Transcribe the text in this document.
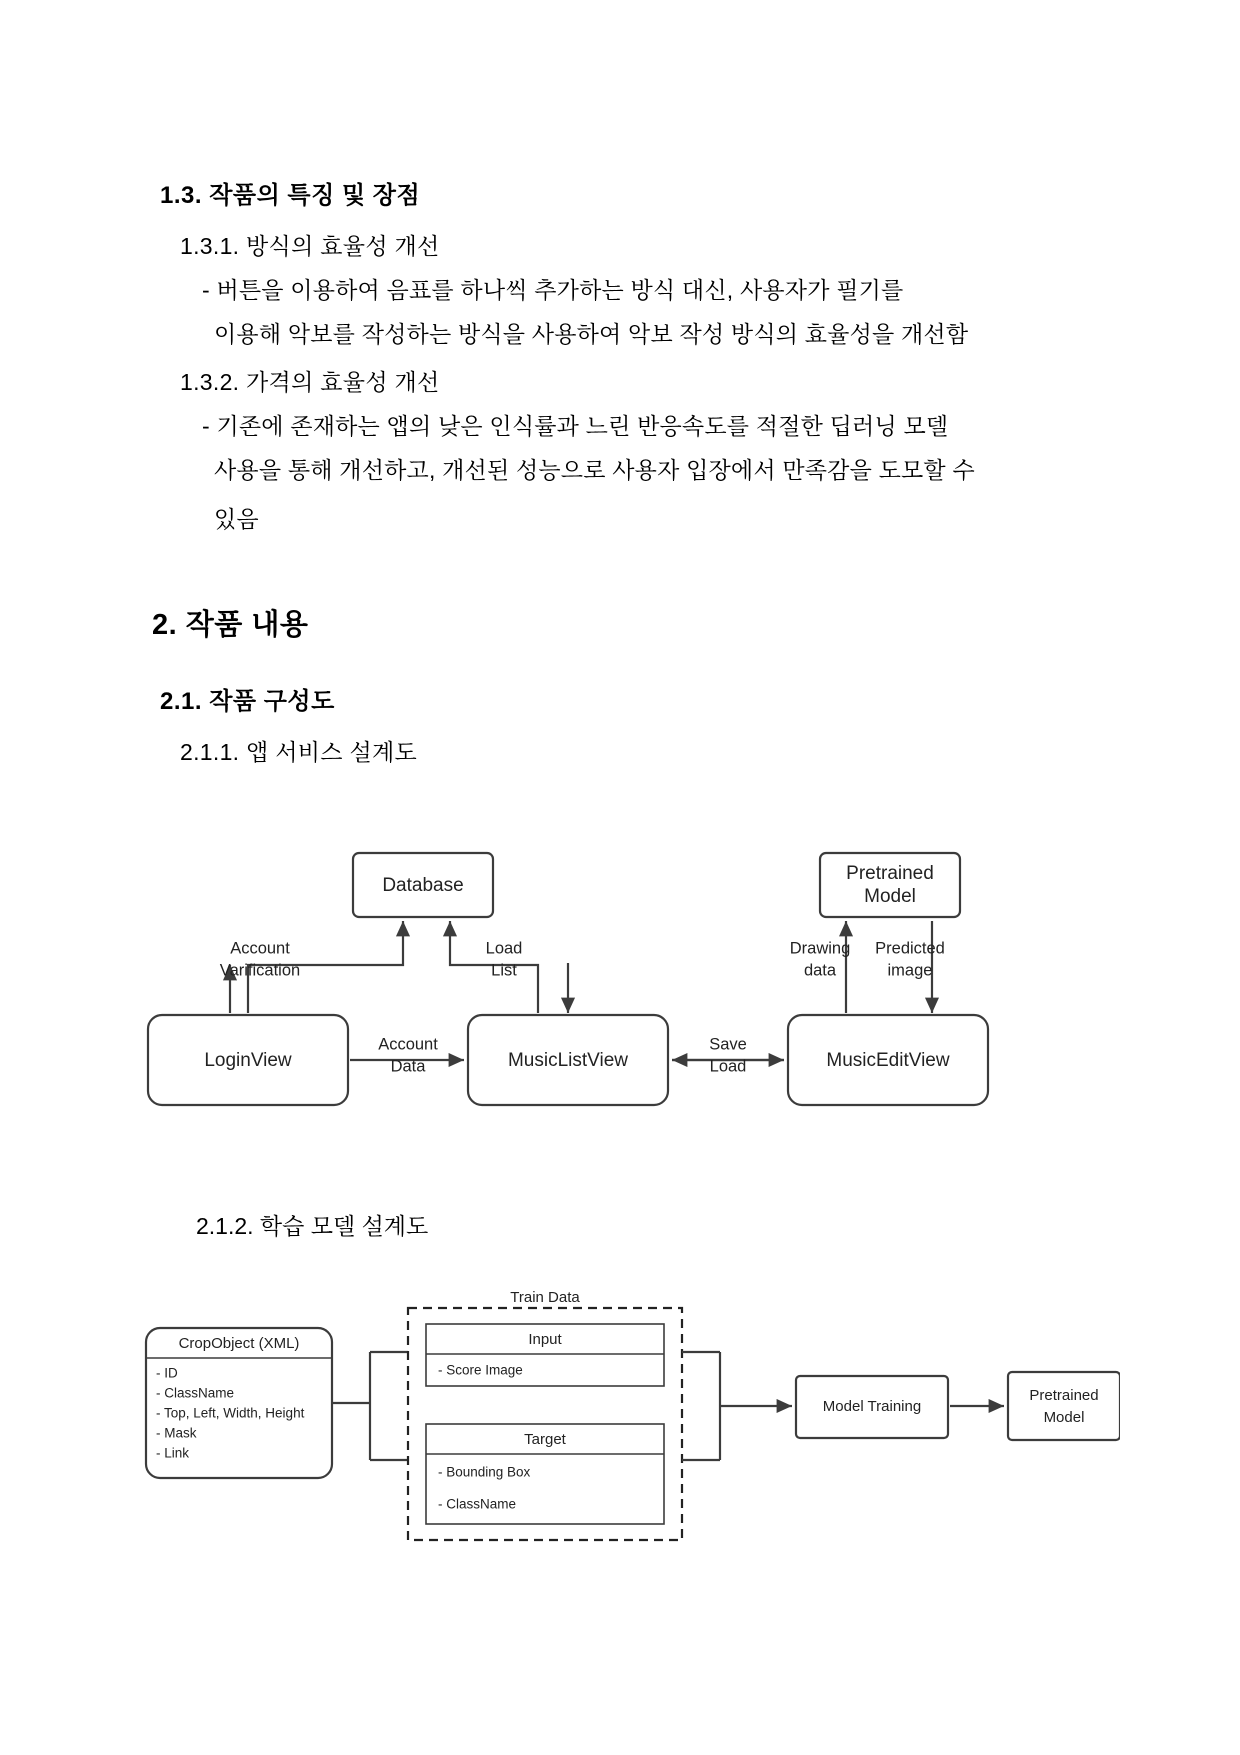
1.3. 작품의 특징 및 장점
1.3.1. 방식의 효율성 개선
- 버튼을 이용하여 음표를 하나씩 추가하는 방식 대신, 사용자가 필기를
이용해 악보를 작성하는 방식을 사용하여 악보 작성 방식의 효율성을 개선함
1.3.2. 가격의 효율성 개선
- 기존에 존재하는 앱의 낮은 인식률과 느린 반응속도를 적절한 딥러닝 모델
사용을 통해 개선하고, 개선된 성능으로 사용자 입장에서 만족감을 도모할 수
있음
2. 작품 내용
2.1. 작품 구성도
2.1.1. 앱 서비스 설계도
Database
Pretrained
Model
LoginView	MusicListView	MusicEditView
Account
Varification
Load
List
Drawing
data
Predicted
image
Account
Data
Save
Load
2.1.2. 학습 모델 설계도
Train Data
CropObject (XML)
- ID
- ClassName
- Top, Left, Width, Height
- Mask
- Link
Input
- Score Image
Target
- Bounding Box
- ClassName
Model Training
Pretrained
Model
